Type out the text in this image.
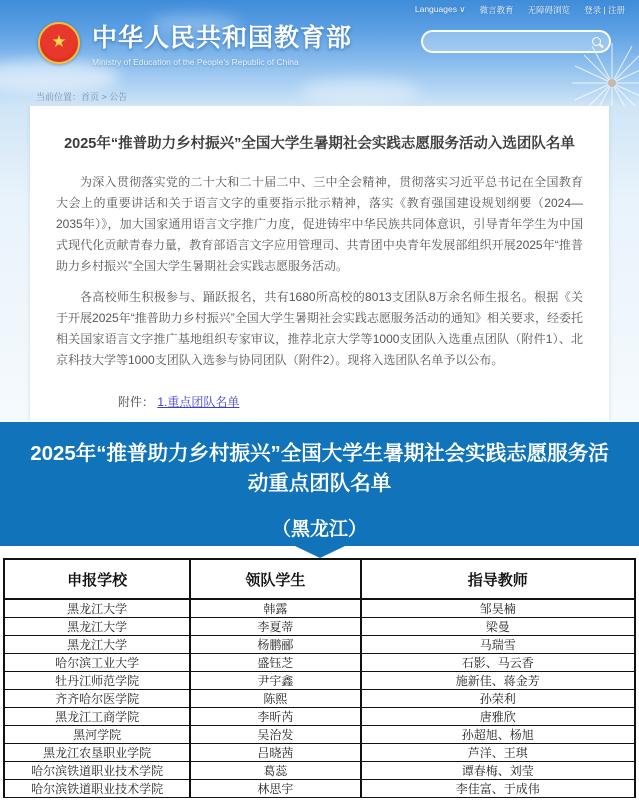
Languages ∨ 微言教育 无障碍浏览 登录 | 注册
★ 中华人民共和国教育部
Ministry of Education of the People's Republic of China
当前位置：首页 > 公告
2025年“推普助力乡村振兴”全国大学生暑期社会实践志愿服务活动入选团队名单

为深入贯彻落实党的二十大和二十届二中、三中全会精神，贯彻落实习近平总书记在全国教育大会上的重要讲话和关于语言文字的重要指示批示精神，落实《教育强国建设规划纲要（2024—2035年）》，加大国家通用语言文字推广力度，促进铸牢中华民族共同体意识，引导青年学生为中国式现代化贡献青春力量，教育部语言文字应用管理司、共青团中央青年发展部组织开展2025年“推普助力乡村振兴”全国大学生暑期社会实践志愿服务活动。

各高校师生积极参与、踊跃报名，共有1680所高校的8013支团队8万余名师生报名。根据《关于开展2025年“推普助力乡村振兴”全国大学生暑期社会实践志愿服务活动的通知》相关要求，经委托相关国家语言文字推广基地组织专家审议，推荐北京大学等1000支团队入选重点团队（附件1）、北京科技大学等1000支团队入选参与协同团队（附件2）。现将入选团队名单予以公布。

附件： 1.重点团队名单
2025年“推普助力乡村振兴”全国大学生暑期社会实践志愿服务活动重点团队名单
（黑龙江）
申报学校	领队学生	指导教师
黑龙江大学	韩露	邹昊楠
黑龙江大学	李夏蒂	梁曼
黑龙江大学	杨鹏郦	马瑞雪
哈尔滨工业大学	盛钰芝	石影、马云香
牡丹江师范学院	尹宇鑫	施新佳、蒋金芳
齐齐哈尔医学院	陈熙	孙荣利
黑龙江工商学院	李昕芮	唐雅欣
黑河学院	吴治发	孙超旭、杨旭
黑龙江农垦职业学院	吕晓茜	芦洋、王琪
哈尔滨铁道职业技术学院	葛蕊	谭春梅、刘莹
哈尔滨铁道职业技术学院	林思宇	李佳富、于成伟
